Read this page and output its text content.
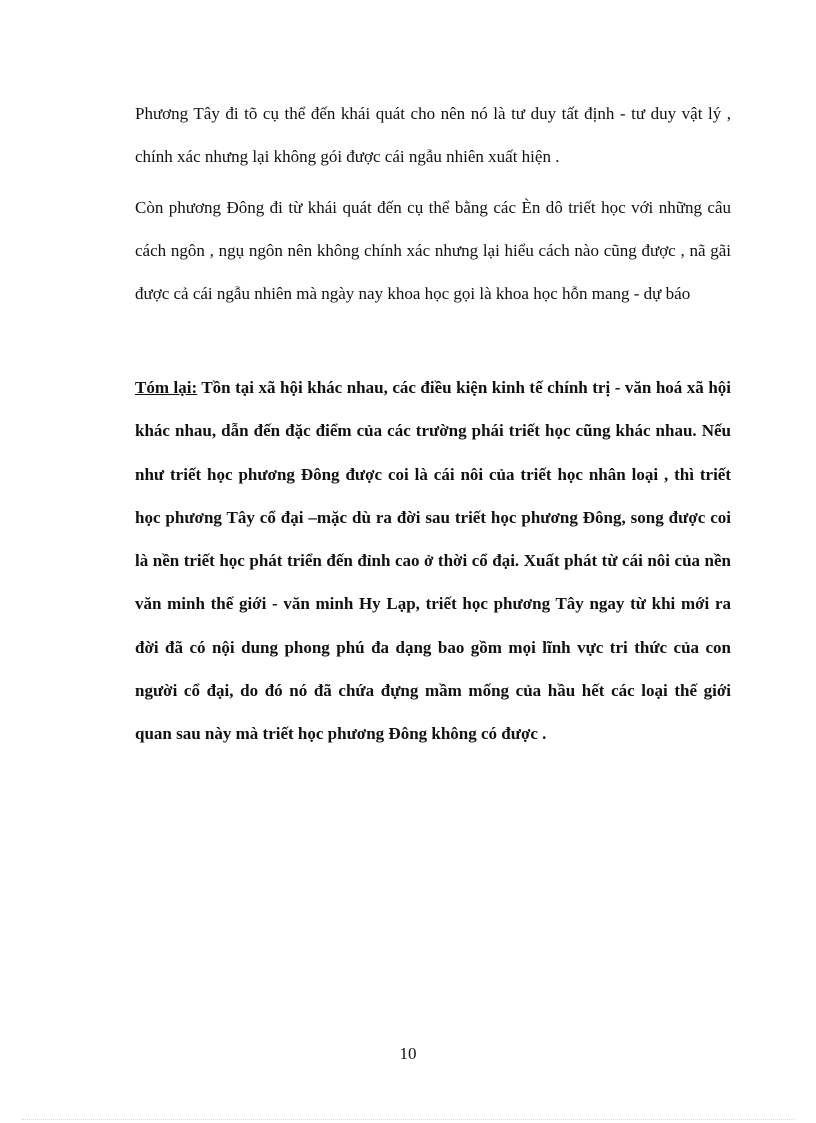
Phương Tây đi tõ cụ thể đến khái quát cho nên nó là tư duy tất định - tư duy vật lý , chính xác nhưng lại không gói được cái ngẫu nhiên xuất hiện .

Còn phương Đông đi từ khái quát đến cụ thể bằng các Èn dô triết học với những câu cách ngôn , ngụ ngôn nên không chính xác nhưng lại hiểu cách nào cũng được , nã gãi được cả cái ngẫu nhiên mà ngày nay khoa học gọi là khoa học hỗn mang - dự báo

Tóm lại: Tồn tại xã hội khác nhau, các điều kiện kinh tế chính trị - văn hoá xã hội khác nhau, dẫn đến đặc điểm của các trường phái triết học cũng khác nhau. Nếu như triết học phương Đông được coi là cái nôi của triết học nhân loại , thì triết học phương Tây cổ đại –mặc dù ra đời sau triết học phương Đông, song được coi là nền triết học phát triển đến đỉnh cao ở thời cổ đại. Xuất phát từ cái nôi của nền văn minh thế giới - văn minh Hy Lạp, triết học phương Tây ngay từ khi mới ra đời đã có nội dung phong phú đa dạng bao gồm mọi lĩnh vực tri thức của con người cổ đại, do đó nó đã chứa đựng mầm mống của hầu hết các loại thế giới quan sau này mà triết học phương Đông không có được .

10
